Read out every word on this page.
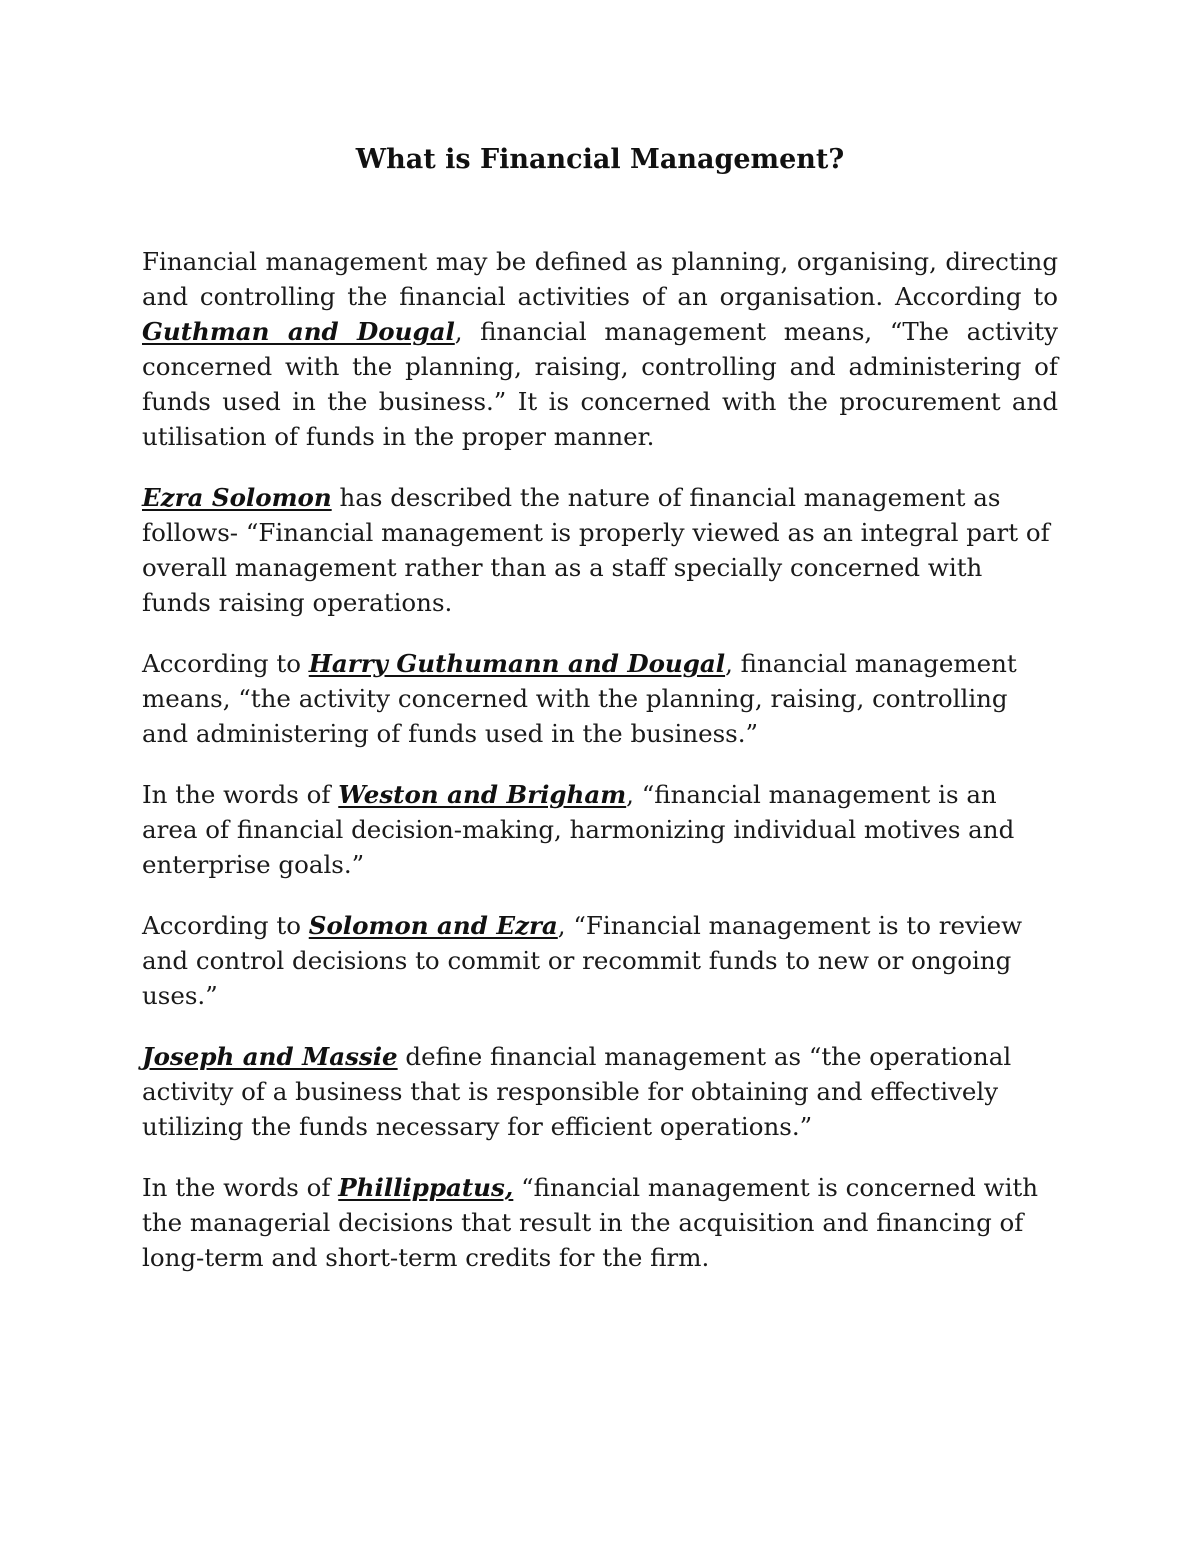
What is Financial Management?

Financial management may be defined as planning, organising, directing and controlling the financial activities of an organisation. According to Guthman and Dougal, financial management means, “The activity concerned with the planning, raising, controlling and administering of funds used in the business.” It is concerned with the procurement and utilisation of funds in the proper manner.

Ezra Solomon has described the nature of financial management as follows- “Financial management is properly viewed as an integral part of overall management rather than as a staff specially concerned with funds raising operations.

According to Harry Guthumann and Dougal, financial management means, “the activity concerned with the planning, raising, controlling and administering of funds used in the business.”

In the words of Weston and Brigham, “financial management is an area of financial decision-making, harmonizing individual motives and enterprise goals.”

According to Solomon and Ezra, “Financial management is to review and control decisions to commit or recommit funds to new or ongoing uses.”

Joseph and Massie define financial management as “the operational activity of a business that is responsible for obtaining and effectively utilizing the funds necessary for efficient operations.”

In the words of Phillippatus, “financial management is concerned with the managerial decisions that result in the acquisition and financing of long-term and short-term credits for the firm.
